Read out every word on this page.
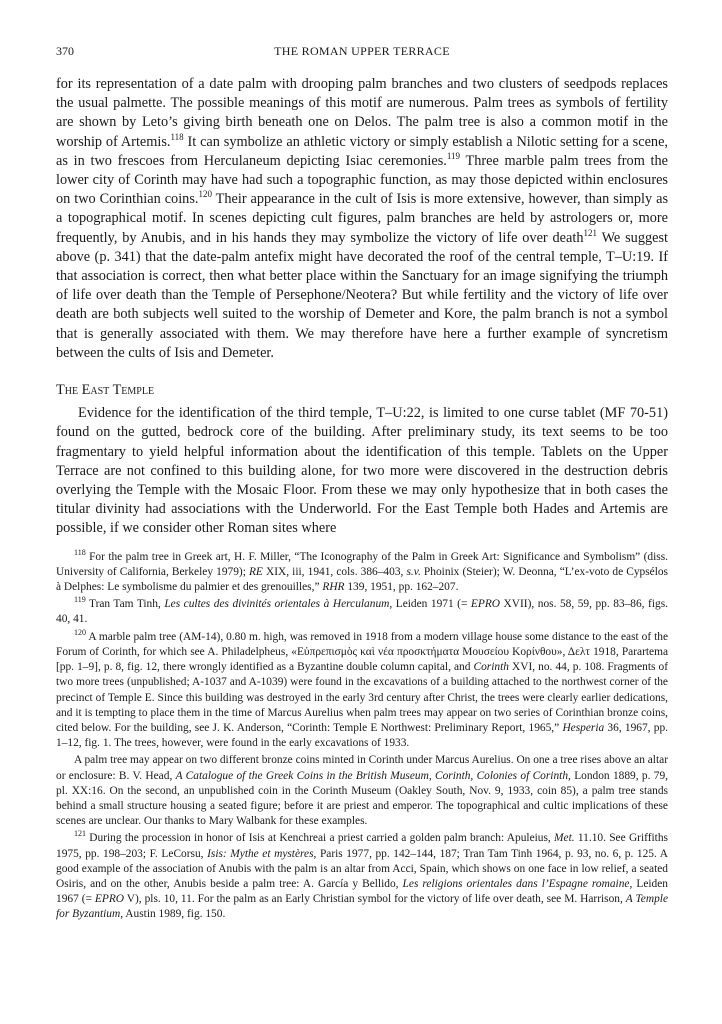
370	THE ROMAN UPPER TERRACE

for its representation of a date palm with drooping palm branches and two clusters of seedpods replaces the usual palmette. The possible meanings of this motif are numerous. Palm trees as symbols of fertility are shown by Leto’s giving birth beneath one on Delos. The palm tree is also a common motif in the worship of Artemis.$^{118}$ It can symbolize an athletic victory or simply establish a Nilotic setting for a scene, as in two frescoes from Herculaneum depicting Isiac ceremonies.$^{119}$ Three marble palm trees from the lower city of Corinth may have had such a topographic function, as may those depicted within enclosures on two Corinthian coins.$^{120}$ Their appearance in the cult of Isis is more extensive, however, than simply as a topographical motif. In scenes depicting cult figures, palm branches are held by astrologers or, more frequently, by Anubis, and in his hands they may symbolize the victory of life over death$^{121}$ We suggest above (p. 341) that the date-palm antefix might have decorated the roof of the central temple, T–U:19. If that association is correct, then what better place within the Sanctuary for an image signifying the triumph of life over death than the Temple of Persephone/Neotera? But while fertility and the victory of life over death are both subjects well suited to the worship of Demeter and Kore, the palm branch is not a symbol that is generally associated with them. We may therefore have here a further example of syncretism between the cults of Isis and Demeter.

The East Temple

Evidence for the identification of the third temple, T–U:22, is limited to one curse tablet (MF 70-51) found on the gutted, bedrock core of the building. After preliminary study, its text seems to be too fragmentary to yield helpful information about the identification of this temple. Tablets on the Upper Terrace are not confined to this building alone, for two more were discovered in the destruction debris overlying the Temple with the Mosaic Floor. From these we may only hypothesize that in both cases the titular divinity had associations with the Underworld. For the East Temple both Hades and Artemis are possible, if we consider other Roman sites where

$^{118}$ For the palm tree in Greek art, H. F. Miller, “The Iconography of the Palm in Greek Art: Significance and Symbolism” (diss. University of California, Berkeley 1979); RE XIX, iii, 1941, cols. 386–403, s.v. Phoinix (Steier); W. Deonna, “L’ex-voto de Cypsélos à Delphes: Le symbolisme du palmier et des grenouilles,” RHR 139, 1951, pp. 162–207.

$^{119}$ Tran Tam Tinh, Les cultes des divinités orientales à Herculanum, Leiden 1971 (= EPRO XVII), nos. 58, 59, pp. 83–86, figs. 40, 41.

$^{120}$ A marble palm tree (AM-14), 0.80 m. high, was removed in 1918 from a modern village house some distance to the east of the Forum of Corinth, for which see A. Philadelpheus, «Εὐπρεπισμὸς καὶ νέα προσκτήματα Μουσείου Κορίνθου», Δελτ 1918, Parartema [pp. 1–9], p. 8, fig. 12, there wrongly identified as a Byzantine double column capital, and Corinth XVI, no. 44, p. 108. Fragments of two more trees (unpublished; A-1037 and A-1039) were found in the excavations of a building attached to the northwest corner of the precinct of Temple E. Since this building was destroyed in the early 3rd century after Christ, the trees were clearly earlier dedications, and it is tempting to place them in the time of Marcus Aurelius when palm trees may appear on two series of Corinthian bronze coins, cited below. For the building, see J. K. Anderson, “Corinth: Temple E Northwest: Preliminary Report, 1965,” Hesperia 36, 1967, pp. 1–12, fig. 1. The trees, however, were found in the early excavations of 1933.

A palm tree may appear on two different bronze coins minted in Corinth under Marcus Aurelius. On one a tree rises above an altar or enclosure: B. V. Head, A Catalogue of the Greek Coins in the British Museum, Corinth, Colonies of Corinth, London 1889, p. 79, pl. XX:16. On the second, an unpublished coin in the Corinth Museum (Oakley South, Nov. 9, 1933, coin 85), a palm tree stands behind a small structure housing a seated figure; before it are priest and emperor. The topographical and cultic implications of these scenes are unclear. Our thanks to Mary Walbank for these examples.

$^{121}$ During the procession in honor of Isis at Kenchreai a priest carried a golden palm branch: Apuleius, Met. 11.10. See Griffiths 1975, pp. 198–203; F. LeCorsu, Isis: Mythe et mystères, Paris 1977, pp. 142–144, 187; Tran Tam Tinh 1964, p. 93, no. 6, p. 125. A good example of the association of Anubis with the palm is an altar from Acci, Spain, which shows on one face in low relief, a seated Osiris, and on the other, Anubis beside a palm tree: A. García y Bellido, Les religions orientales dans l’Espagne romaine, Leiden 1967 (= EPRO V), pls. 10, 11. For the palm as an Early Christian symbol for the victory of life over death, see M. Harrison, A Temple for Byzantium, Austin 1989, fig. 150.
